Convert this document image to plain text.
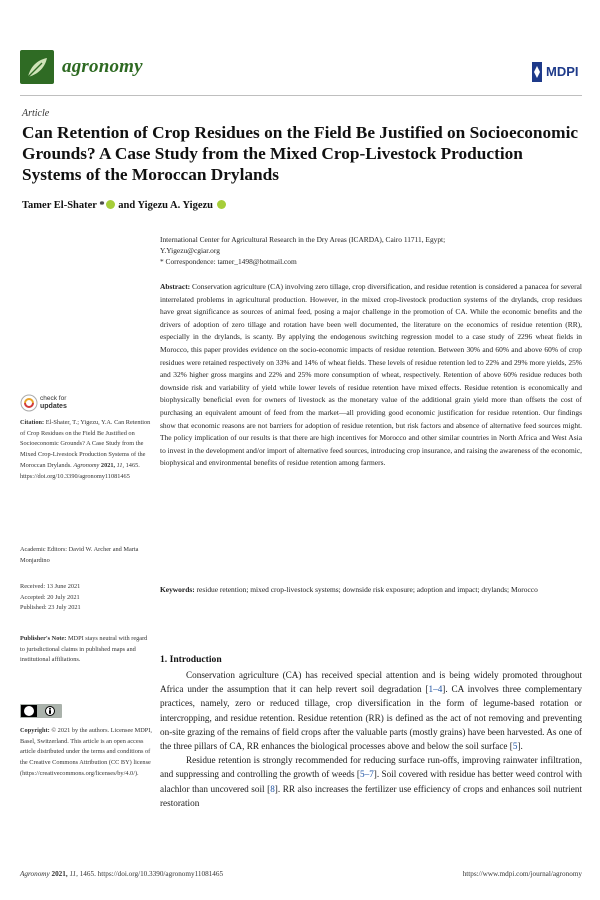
agronomy	MDPI
Article
Can Retention of Crop Residues on the Field Be Justified on Socioeconomic Grounds? A Case Study from the Mixed Crop-Livestock Production Systems of the Moroccan Drylands
Tamer El-Shater * and Yigezu A. Yigezu
International Center for Agricultural Research in the Dry Areas (ICARDA), Cairo 11711, Egypt;
Y.Yigezu@cgiar.org
* Correspondence: tamer_1498@hotmail.com

Abstract: Conservation agriculture (CA) involving zero tillage, crop diversification, and residue retention is considered a panacea for several interrelated problems in agricultural production. However, in the mixed crop-livestock production systems of the drylands, crop residues have great significance as sources of animal feed, posing a major challenge in the promotion of CA. While the economic benefits and the drivers of adoption of zero tillage and rotation have been well documented, the literature on the economics of residue retention (RR), especially in the drylands, is scanty. By applying the endogenous switching regression model to a case study of 2296 wheat fields in Morocco, this paper provides evidence on the socio-economic impacts of residue retention. Between 30% and 60% and above 60% of crop residues were retained respectively on 33% and 14% of wheat fields. These levels of residue retention led to 22% and 29% more yields, 25% and 32% higher gross margins and 22% and 25% more consumption of wheat, respectively. Retention of above 60% residue reduces both downside risk and variability of yield while lower levels of residue retention have mixed effects. Residue retention is economically and biophysically beneficial even for owners of livestock as the monetary value of the additional grain yield more than offsets the cost of purchasing an equivalent amount of feed from the market—all providing good economic justification for residue retention. Our findings show that economic reasons are not barriers for adoption of residue retention, but risk factors and absence of alternative feed sources might. The policy implication of our results is that there are high incentives for Morocco and other similar countries in North Africa and West Asia to invest in the development and/or import of alternative feed sources, introducing crop insurance, and raising the awareness of the economic, biophysical and environmental benefits of residue retention among farmers.

Keywords: residue retention; mixed crop-livestock systems; downside risk exposure; adoption and impact; drylands; Morocco

check for
updates

Citation: El-Shater, T.; Yigezu, Y.A. Can Retention of Crop Residues on the Field Be Justified on Socioeconomic Grounds? A Case Study from the Mixed Crop-Livestock Production Systems of the Moroccan Drylands. Agronomy 2021, 11, 1465. https://doi.org/10.3390/agronomy11081465

Academic Editors: David W. Archer and Marta Monjardino

Received: 13 June 2021
Accepted: 20 July 2021
Published: 23 July 2021

Publisher's Note: MDPI stays neutral with regard to jurisdictional claims in published maps and institutional affiliations.

Copyright: © 2021 by the authors. Licensee MDPI, Basel, Switzerland. This article is an open access article distributed under the terms and conditions of the Creative Commons Attribution (CC BY) license (https://creativecommons.org/licenses/by/4.0/).

1. Introduction

Conservation agriculture (CA) has received special attention and is being widely promoted throughout Africa under the assumption that it can help revert soil degradation [1–4]. CA involves three complementary practices, namely, zero or reduced tillage, crop diversification in the form of legume-based rotation or intercropping, and residue retention. Residue retention (RR) is defined as the act of not removing and preventing on-site grazing of the remains of field crops after the valuable parts (mostly grains) have been harvested. As one of the three pillars of CA, RR enhances the biological processes above and below the soil surface [5].

Residue retention is strongly recommended for reducing surface run-offs, improving rainwater infiltration, and suppressing and controlling the growth of weeds [5–7]. Soil covered with residue has better weed control with alachlor than uncovered soil [8]. RR also increases the fertilizer use efficiency of crops and enhances soil nutrient restoration

Agronomy 2021, 11, 1465. https://doi.org/10.3390/agronomy11081465	https://www.mdpi.com/journal/agronomy
